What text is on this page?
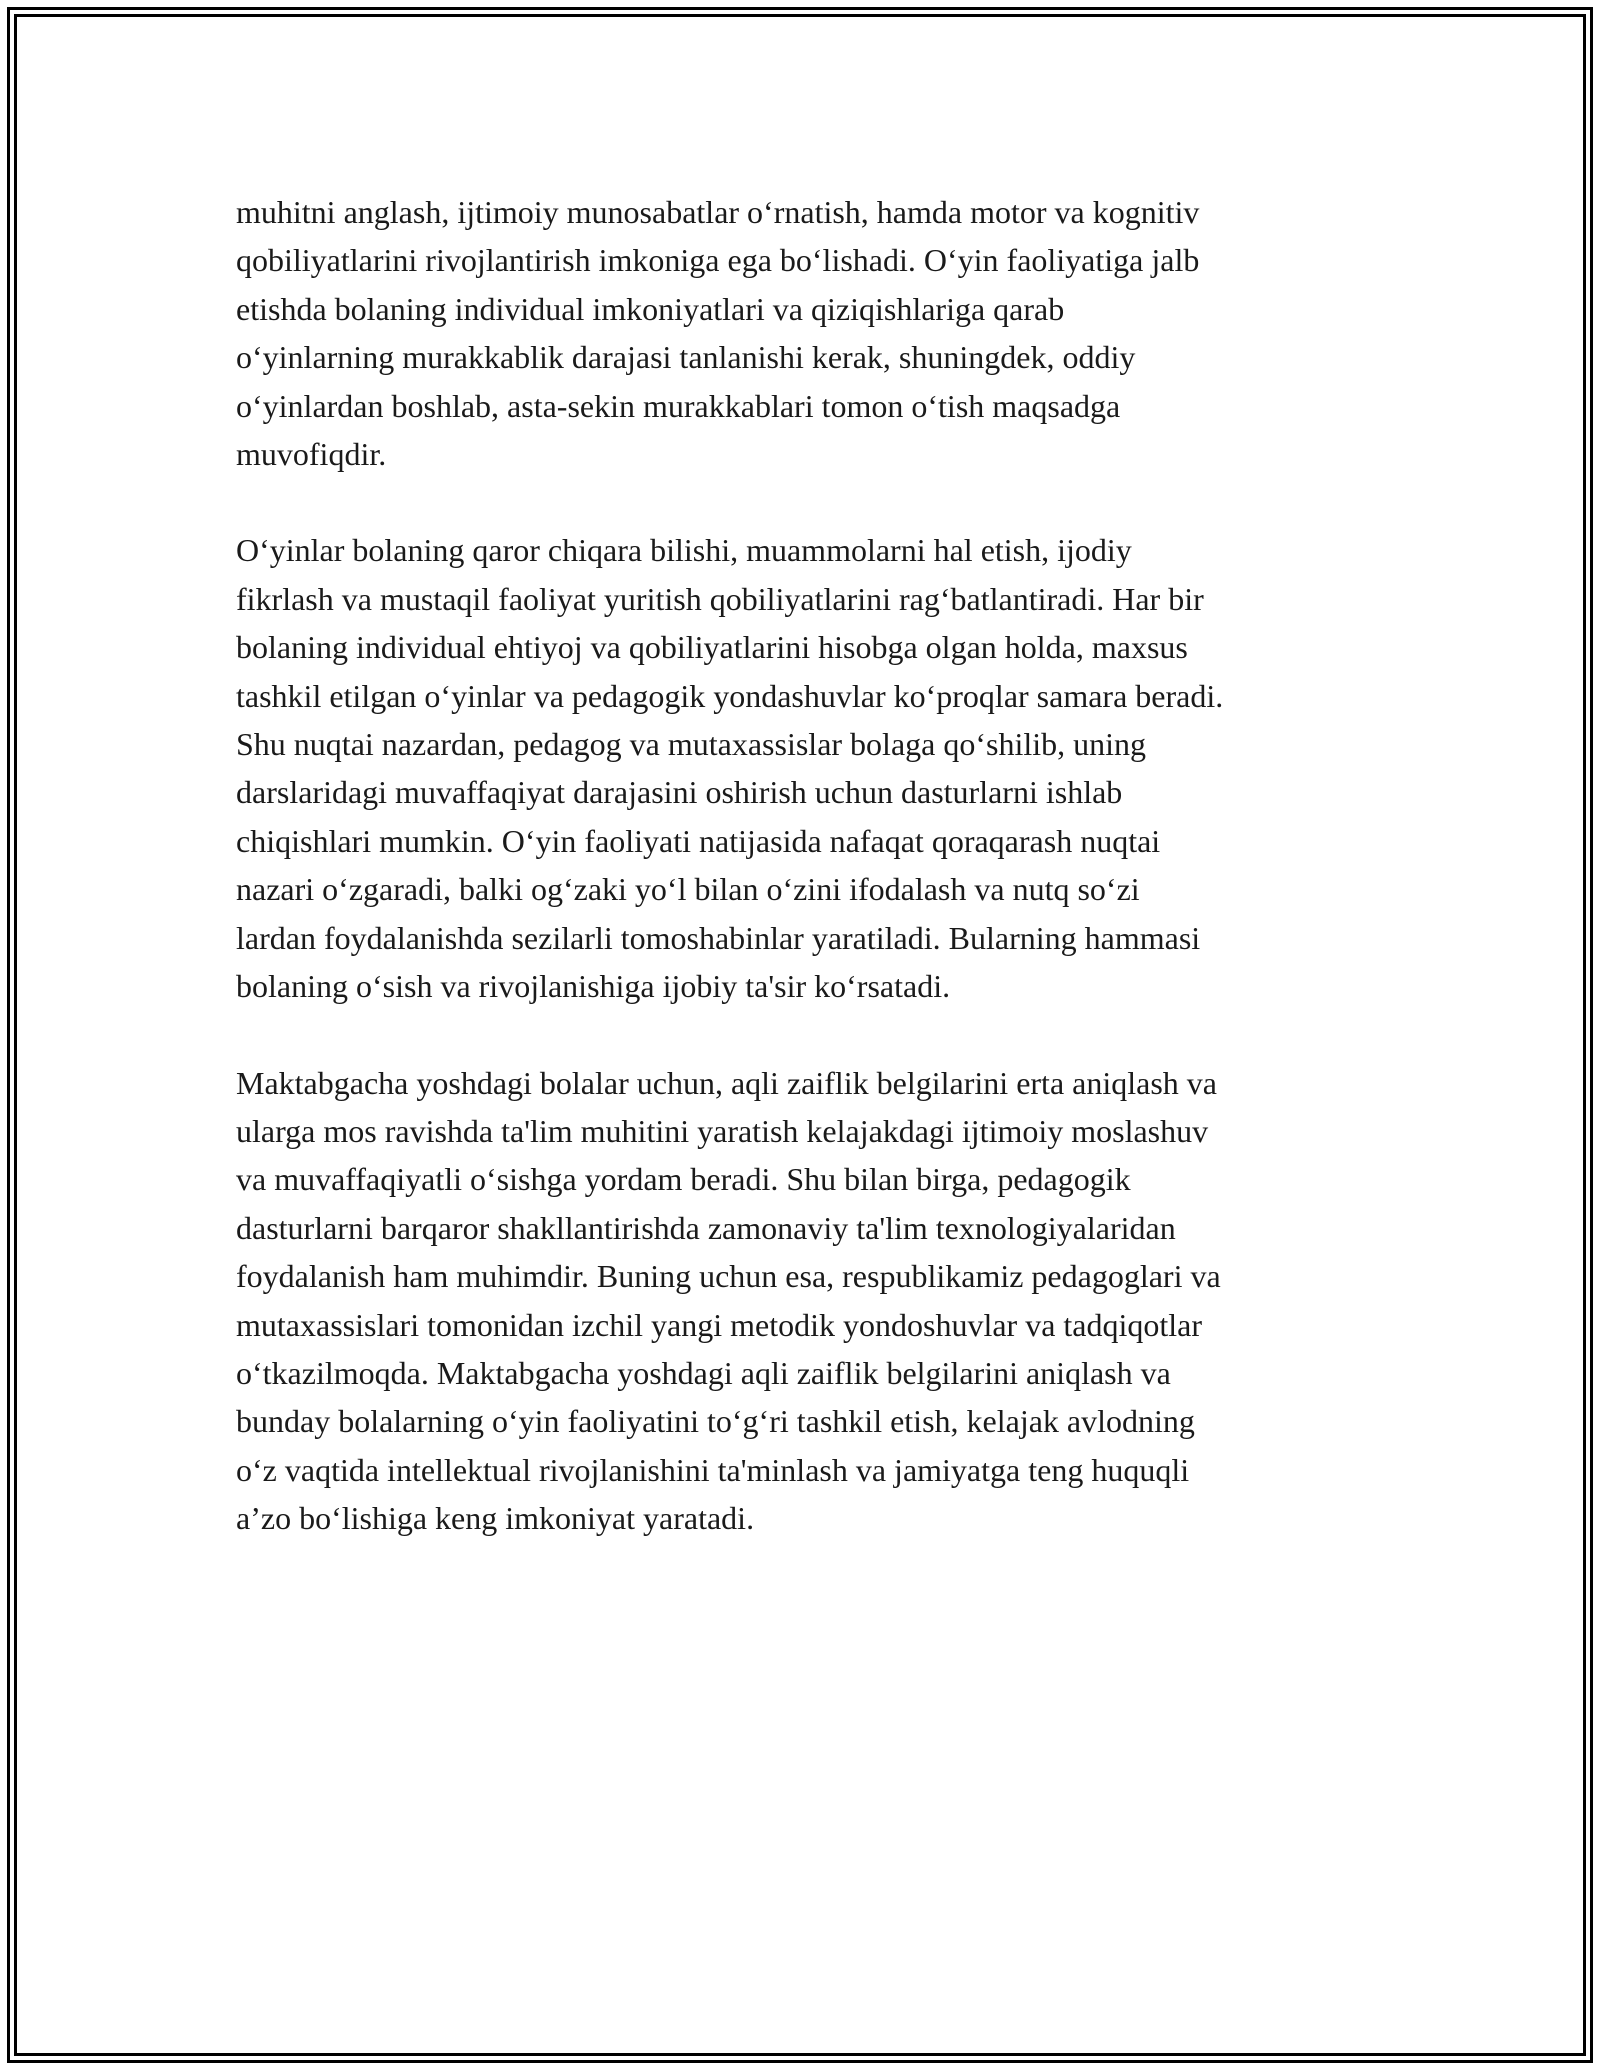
muhitni anglash, ijtimoiy munosabatlar o‘rnatish, hamda motor va kognitiv
qobiliyatlarini rivojlantirish imkoniga ega bo‘lishadi. O‘yin faoliyatiga jalb
etishda bolaning individual imkoniyatlari va qiziqishlariga qarab
o‘yinlarning murakkablik darajasi tanlanishi kerak, shuningdek, oddiy
o‘yinlardan boshlab, asta-sekin murakkablari tomon o‘tish maqsadga
muvofiqdir.

O‘yinlar bolaning qaror chiqara bilishi, muammolarni hal etish, ijodiy
fikrlash va mustaqil faoliyat yuritish qobiliyatlarini rag‘batlantiradi. Har bir
bolaning individual ehtiyoj va qobiliyatlarini hisobga olgan holda, maxsus
tashkil etilgan o‘yinlar va pedagogik yondashuvlar ko‘proqlar samara beradi.
Shu nuqtai nazardan, pedagog va mutaxassislar bolaga qo‘shilib, uning
darslaridagi muvaffaqiyat darajasini oshirish uchun dasturlarni ishlab
chiqishlari mumkin. O‘yin faoliyati natijasida nafaqat qoraqarash nuqtai
nazari o‘zgaradi, balki og‘zaki yo‘l bilan o‘zini ifodalash va nutq so‘zi
lardan foydalanishda sezilarli tomoshabinlar yaratiladi. Bularning hammasi
bolaning o‘sish va rivojlanishiga ijobiy ta'sir ko‘rsatadi.

Maktabgacha yoshdagi bolalar uchun, aqli zaiflik belgilarini erta aniqlash va
ularga mos ravishda ta'lim muhitini yaratish kelajakdagi ijtimoiy moslashuv
va muvaffaqiyatli o‘sishga yordam beradi. Shu bilan birga, pedagogik
dasturlarni barqaror shakllantirishda zamonaviy ta'lim texnologiyalaridan
foydalanish ham muhimdir. Buning uchun esa, respublikamiz pedagoglari va
mutaxassislari tomonidan izchil yangi metodik yondoshuvlar va tadqiqotlar
o‘tkazilmoqda. Maktabgacha yoshdagi aqli zaiflik belgilarini aniqlash va
bunday bolalarning o‘yin faoliyatini to‘g‘ri tashkil etish, kelajak avlodning
o‘z vaqtida intellektual rivojlanishini ta'minlash va jamiyatga teng huquqli
a’zo bo‘lishiga keng imkoniyat yaratadi.
